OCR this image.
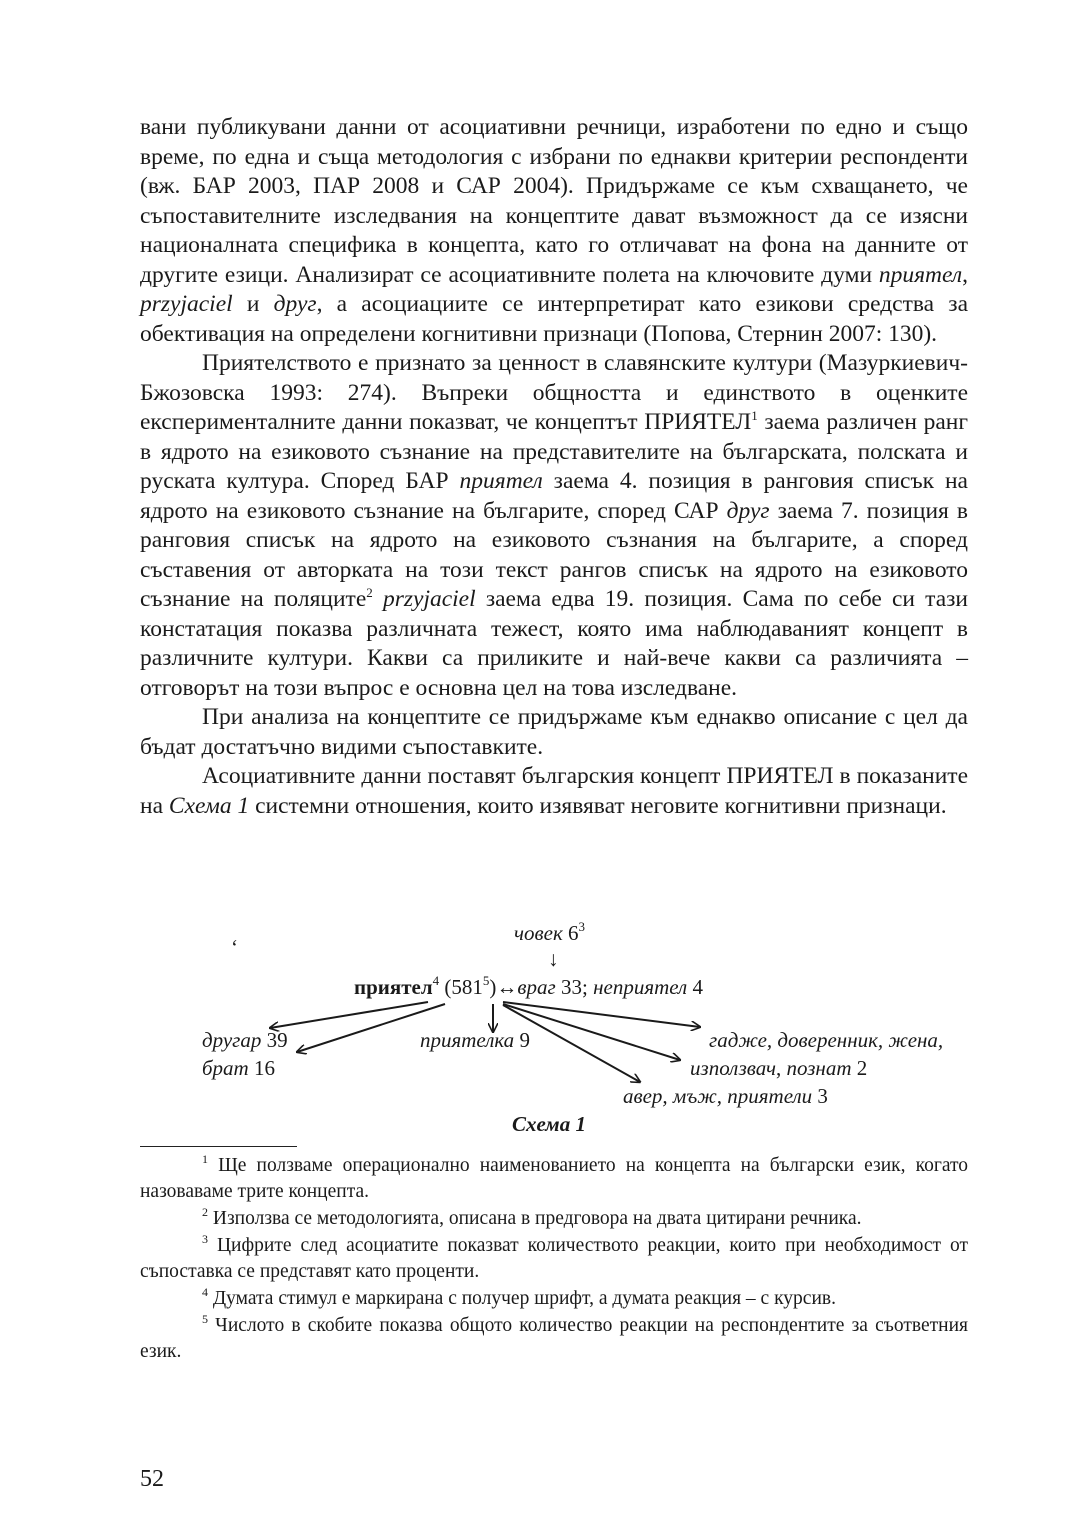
вани публикувани данни от асоциативни речници, изработени по едно и също време, по една и съща методология с избрани по еднакви критерии респонденти (вж. БАР 2003, ПАР 2008 и САР 2004). Придържаме се към схващането, че съпоставителните изследвания на концептите дават възможност да се изясни националната специфика в концепта, като го отличават на фона на данните от другите езици. Анализират се асоциативните полета на ключовите думи приятел, przyjaciel и друг, а асоциациите се интерпретират като езикови средства за обективация на определени когнитивни признаци (Попова, Стернин 2007: 130).

Приятелството е признато за ценност в славянските култури (Мазуркиевич-Бжозовска 1993: 274). Въпреки общността и единството в оценките експерименталните данни показват, че концептът ПРИЯТЕЛ$^1$ заема различен ранг в ядрото на езиковото съзнание на представителите на българската, полската и руската култура. Според БАР приятел заема 4. позиция в ранговия списък на ядрото на езиковото съзнание на българите, според САР друг заема 7. позиция в ранговия списък на ядрото на езиковото съзнания на българите, а според съставения от авторката на този текст рангов списък на ядрото на езиковото съзнание на поляците$^2$ przyjaciel заема едва 19. позиция. Сама по себе си тази констатация показва различната тежест, която има наблюдаваният концепт в различните култури. Какви са приликите и най-вече какви са различията – отговорът на този въпрос е основна цел на това изследване.

При анализа на концептите се придържаме към еднакво описание с цел да бъдат достатъчно видими съпоставките.

Асоциативните данни поставят българския концепт ПРИЯТЕЛ в показаните на Схема 1 системни отношения, които изявяват неговите когнитивни признаци.

ʻ
човек $6^3$
↓
приятел$^4$ $(581^5)\leftrightarrow враг$ 33; неприятел 4
другар 39
брат 16
приятелка 9	гадже, доверенник, жена,
използвач, познат 2
авер, мъж, приятели 3
Схема 1

$^1$ Ще ползваме операционално наименованието на концепта на български език, когато назоваваме трите концепта.

$^2$ Използва се методологията, описана в предговора на двата цитирани речника.

$^3$ Цифрите след асоциатите показват количеството реакции, които при необходимост от съпоставка се представят като проценти.

$^4$ Думата стимул е маркирана с получер шрифт, а думата реакция – с курсив.

$^5$ Числото в скобите показва общото количество реакции на респондентите за съответния език.

52
